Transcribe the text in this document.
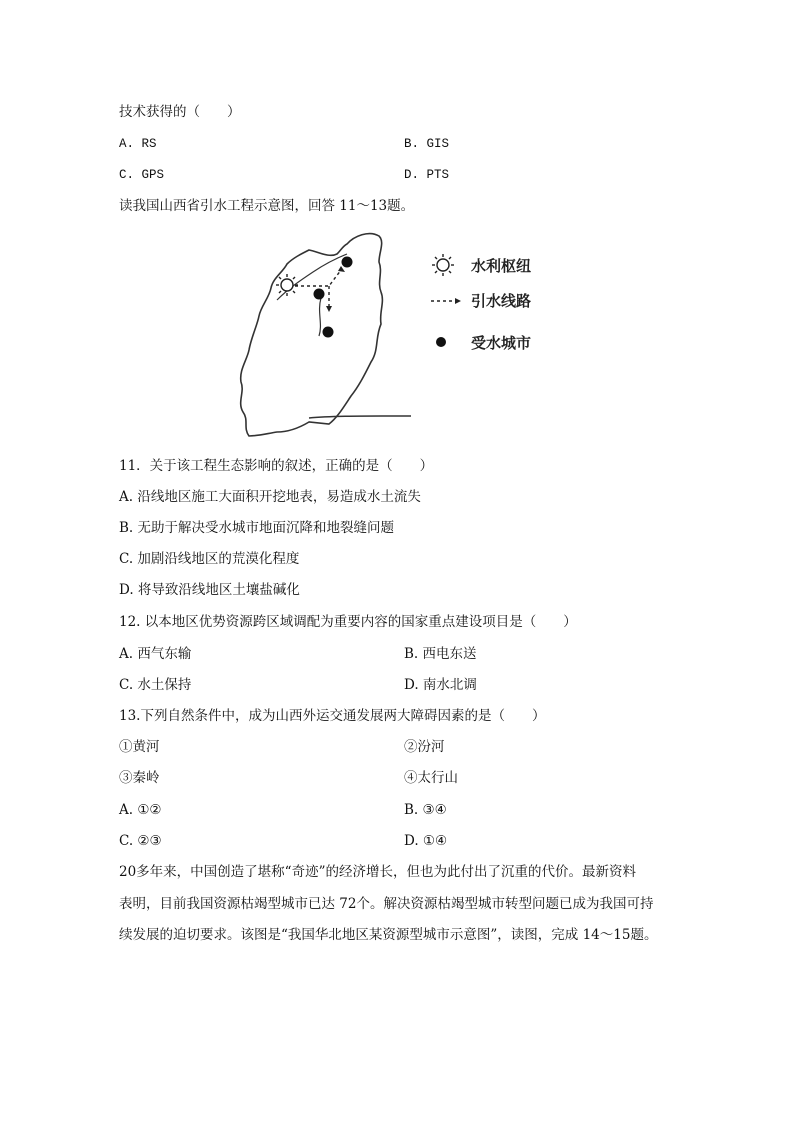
技术获得的（　　）
A. RS	B. GIS
C. GPS	D. PTS
读我国山西省引水工程示意图，回答 11～13题。
水利枢纽
引水线路
受水城市
11．关于该工程生态影响的叙述，正确的是（　　）
A. 沿线地区施工大面积开挖地表，易造成水土流失
B. 无助于解决受水城市地面沉降和地裂缝问题
C. 加剧沿线地区的荒漠化程度
D. 将导致沿线地区土壤盐碱化
12. 以本地区优势资源跨区域调配为重要内容的国家重点建设项目是（　　）
A. 西气东输	B. 西电东送
C. 水土保持	D. 南水北调
13.下列自然条件中，成为山西外运交通发展两大障碍因素的是（　　）
①黄河	②汾河
③秦岭	④太行山
A. ①②	B. ③④
C. ②③	D. ①④
20多年来，中国创造了堪称“奇迹”的经济增长，但也为此付出了沉重的代价。最新资料
表明，目前我国资源枯竭型城市已达 72个。解决资源枯竭型城市转型问题已成为我国可持
续发展的迫切要求。该图是“我国华北地区某资源型城市示意图”，读图，完成 14～15题。
